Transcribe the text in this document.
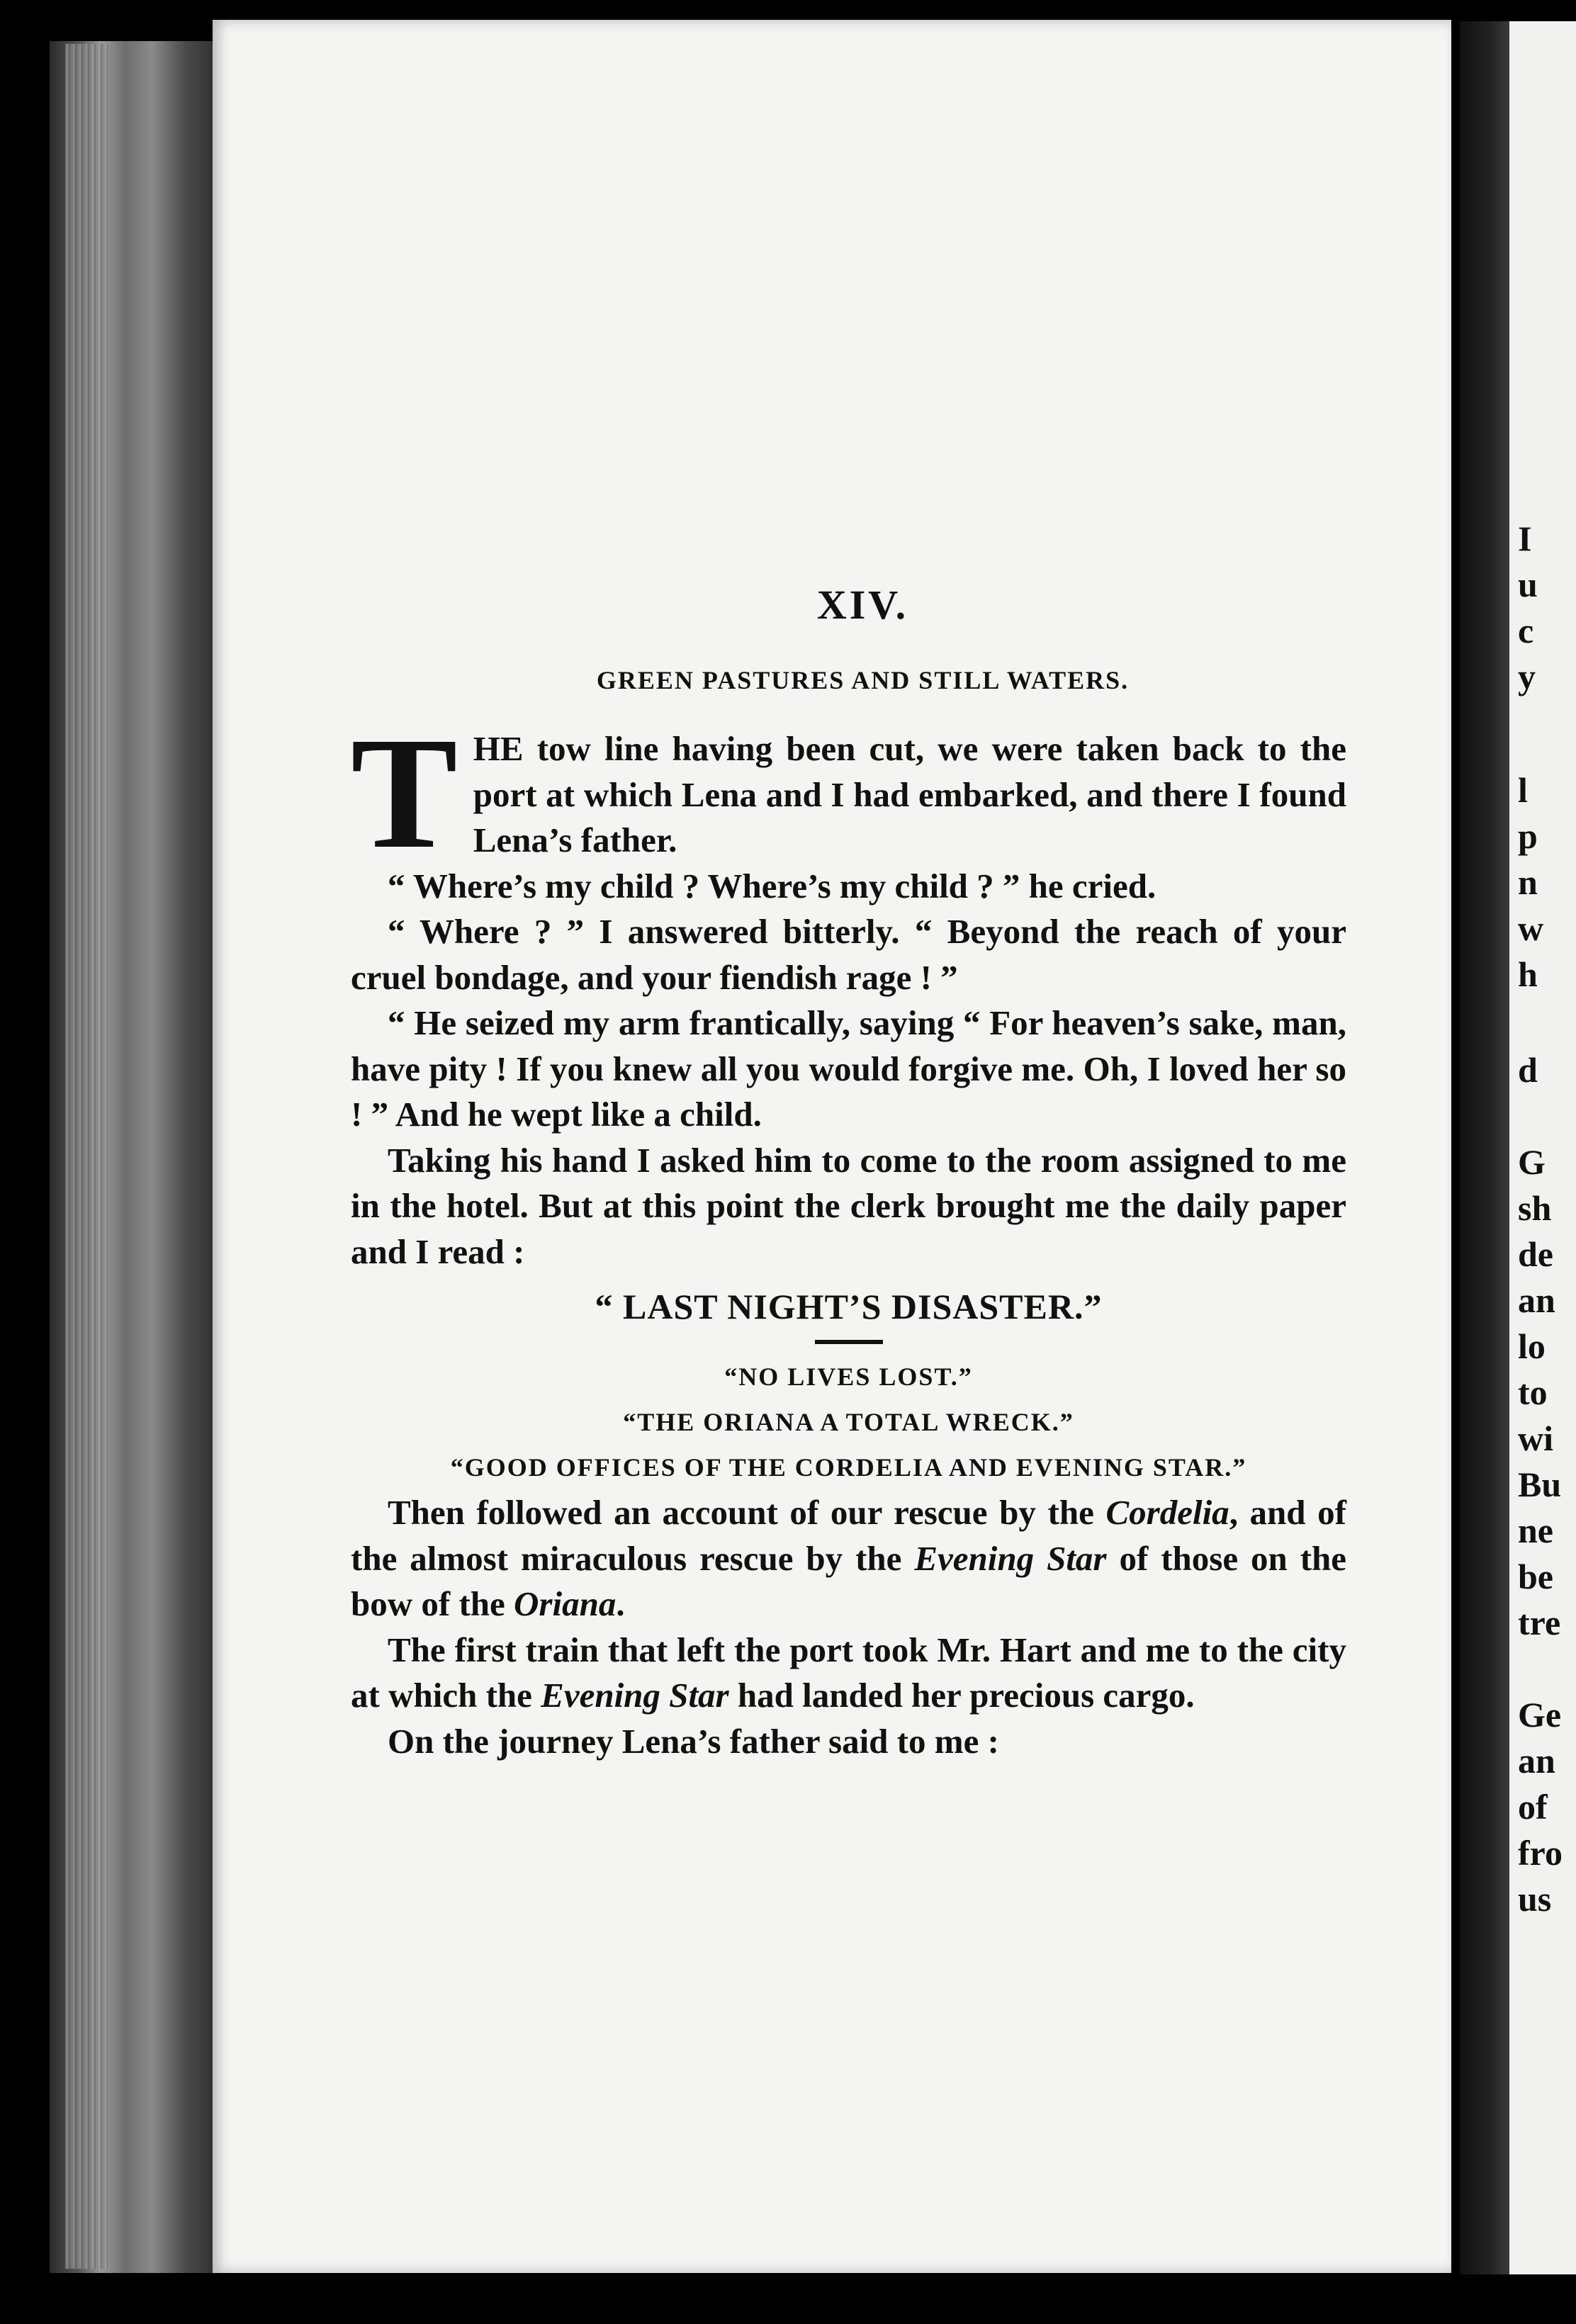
I
u
c
y
l
p
n
w
h
d
G
sh
de
an
lo
to
wi
Bu
ne
be
tre
Ge
an
of
fro
us
XIV.
GREEN PASTURES AND STILL WATERS.

THE tow line having been cut, we were taken back to the port at which Lena and I had embarked, and there I found Lena’s father.

“ Where’s my child ? Where’s my child ? ” he cried.

“ Where ? ” I answered bitterly. “ Beyond the reach of your cruel bondage, and your fiendish rage ! ”

“ He seized my arm frantically, saying “ For heaven’s sake, man, have pity ! If you knew all you would forgive me. Oh, I loved her so ! ” And he wept like a child.

Taking his hand I asked him to come to the room assigned to me in the hotel. But at this point the clerk brought me the daily paper and I read :

“ LAST NIGHT’S DISASTER.”
“NO LIVES LOST.”
“THE ORIANA A TOTAL WRECK.”
“GOOD OFFICES OF THE CORDELIA AND EVENING STAR.”

Then followed an account of our rescue by the Cordelia, and of the almost miraculous rescue by the Evening Star of those on the bow of the Oriana.

The first train that left the port took Mr. Hart and me to the city at which the Evening Star had landed her precious cargo.

On the journey Lena’s father said to me :
